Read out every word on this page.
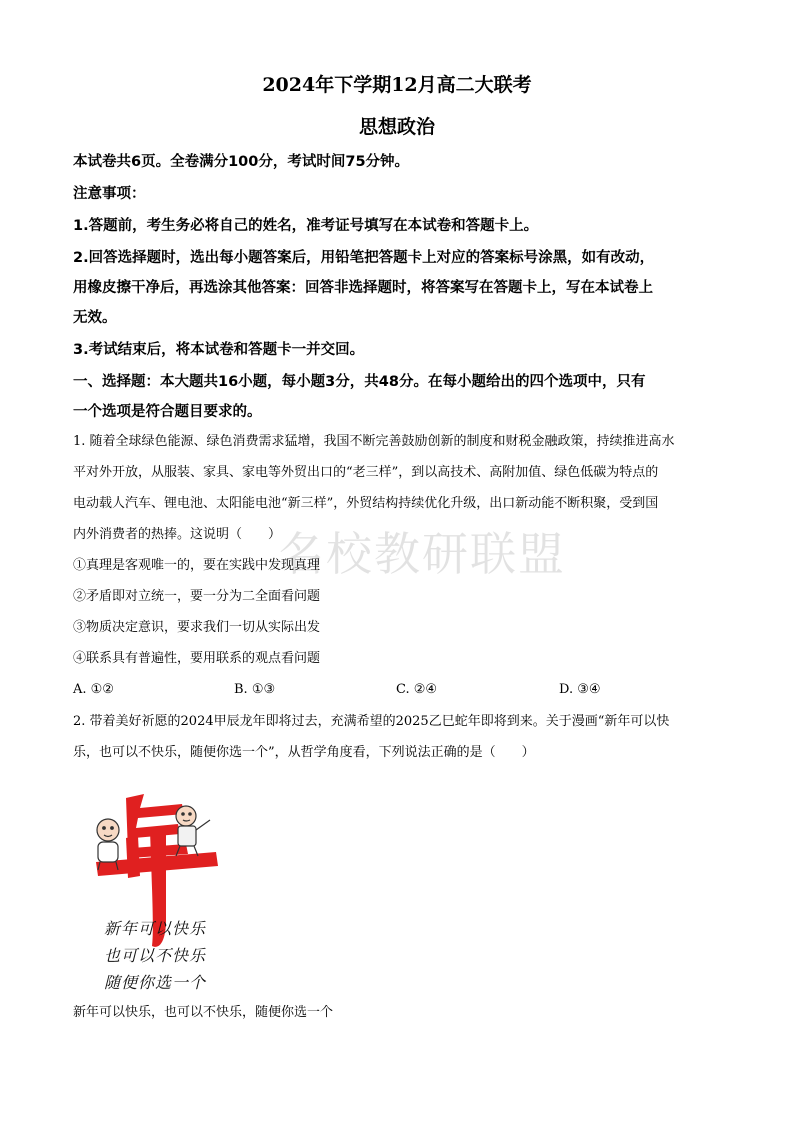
2024年下学期12月高二大联考
思想政治
本试卷共6页。全卷满分100分，考试时间75分钟。
注意事项：
1.答题前，考生务必将自己的姓名，准考证号填写在本试卷和答题卡上。
2.回答选择题时，选出每小题答案后，用铅笔把答题卡上对应的答案标号涂黑，如有改动，
用橡皮擦干净后，再选涂其他答案：回答非选择题时，将答案写在答题卡上，写在本试卷上
无效。
3.考试结束后，将本试卷和答题卡一并交回。
一、选择题：本大题共16小题，每小题3分，共48分。在每小题给出的四个选项中，只有
一个选项是符合题目要求的。
名校教研联盟
1. 随着全球绿色能源、绿色消费需求猛增，我国不断完善鼓励创新的制度和财税金融政策，持续推进高水
平对外开放，从服装、家具、家电等外贸出口的“老三样”，到以高技术、高附加值、绿色低碳为特点的
电动载人汽车、锂电池、太阳能电池“新三样”，外贸结构持续优化升级，出口新动能不断积聚，受到国
内外消费者的热捧。这说明（　　）
①真理是客观唯一的，要在实践中发现真理
②矛盾即对立统一，要一分为二全面看问题
③物质决定意识，要求我们一切从实际出发
④联系具有普遍性，要用联系的观点看问题
A. ①②	B. ①③	C. ②④	D. ③④
2. 带着美好祈愿的2024甲辰龙年即将过去，充满希望的2025乙巳蛇年即将到来。关于漫画“新年可以快
乐，也可以不快乐，随便你选一个”，从哲学角度看，下列说法正确的是（　　）
新年可以快乐
也可以不快乐
随便你选一个
新年可以快乐，也可以不快乐，随便你选一个
